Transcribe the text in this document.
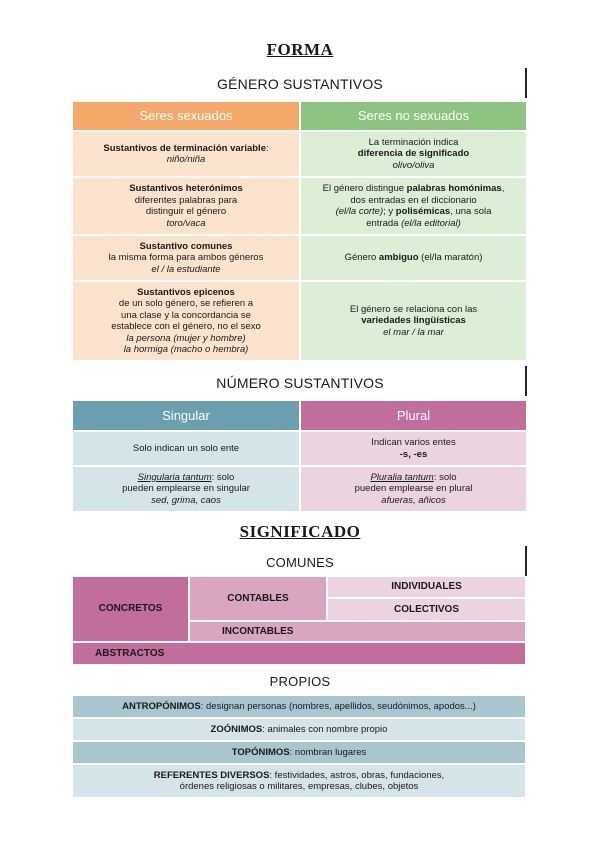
FORMA
GÉNERO SUSTANTIVOS
Seres sexuados	Seres no sexuados
Sustantivos de terminación variable:
niño/niña
Sustantivos heterónimos
diferentes palabras para
distinguir el género
toro/vaca
Sustantivo comunes
la misma forma para ambos géneros
el / la estudiante
Sustantivos epicenos
de un solo género, se refieren a
una clase y la concordancia se
establece con el género, no el sexo
la persona (mujer y hombre)
la hormiga (macho o hembra)
La terminación indica
diferencia de significado
olivo/oliva
El género distingue palabras homónimas,
dos entradas en el diccionario
(el/la corte); y polisémicas, una sola
entrada (el/la editorial)
Género ambiguo (el/la maratón)
El género se relaciona con las
variedades lingüísticas
el mar / la mar
NÚMERO SUSTANTIVOS
Singular	Plural
Solo indican un solo ente
Indican varios entes
-s, -es
Singularia tantum: solo
pueden emplearse en singular
sed, grima, caos
Pluralia tantum: solo
pueden emplearse en plural
afueras, añicos
SIGNIFICADO
COMUNES
CONCRETOS
CONTABLES
INDIVIDUALES
COLECTIVOS
INCONTABLES
ABSTRACTOS
PROPIOS
ANTROPÓNIMOS: designan personas (nombres, apellidos, seudónimos, apodos...)
ZOÓNIMOS: animales con nombre propio
TOPÓNIMOS: nombran lugares
REFERENTES DIVERSOS: festividades, astros, obras, fundaciones,
órdenes religiosas o militares, empresas, clubes, objetos
